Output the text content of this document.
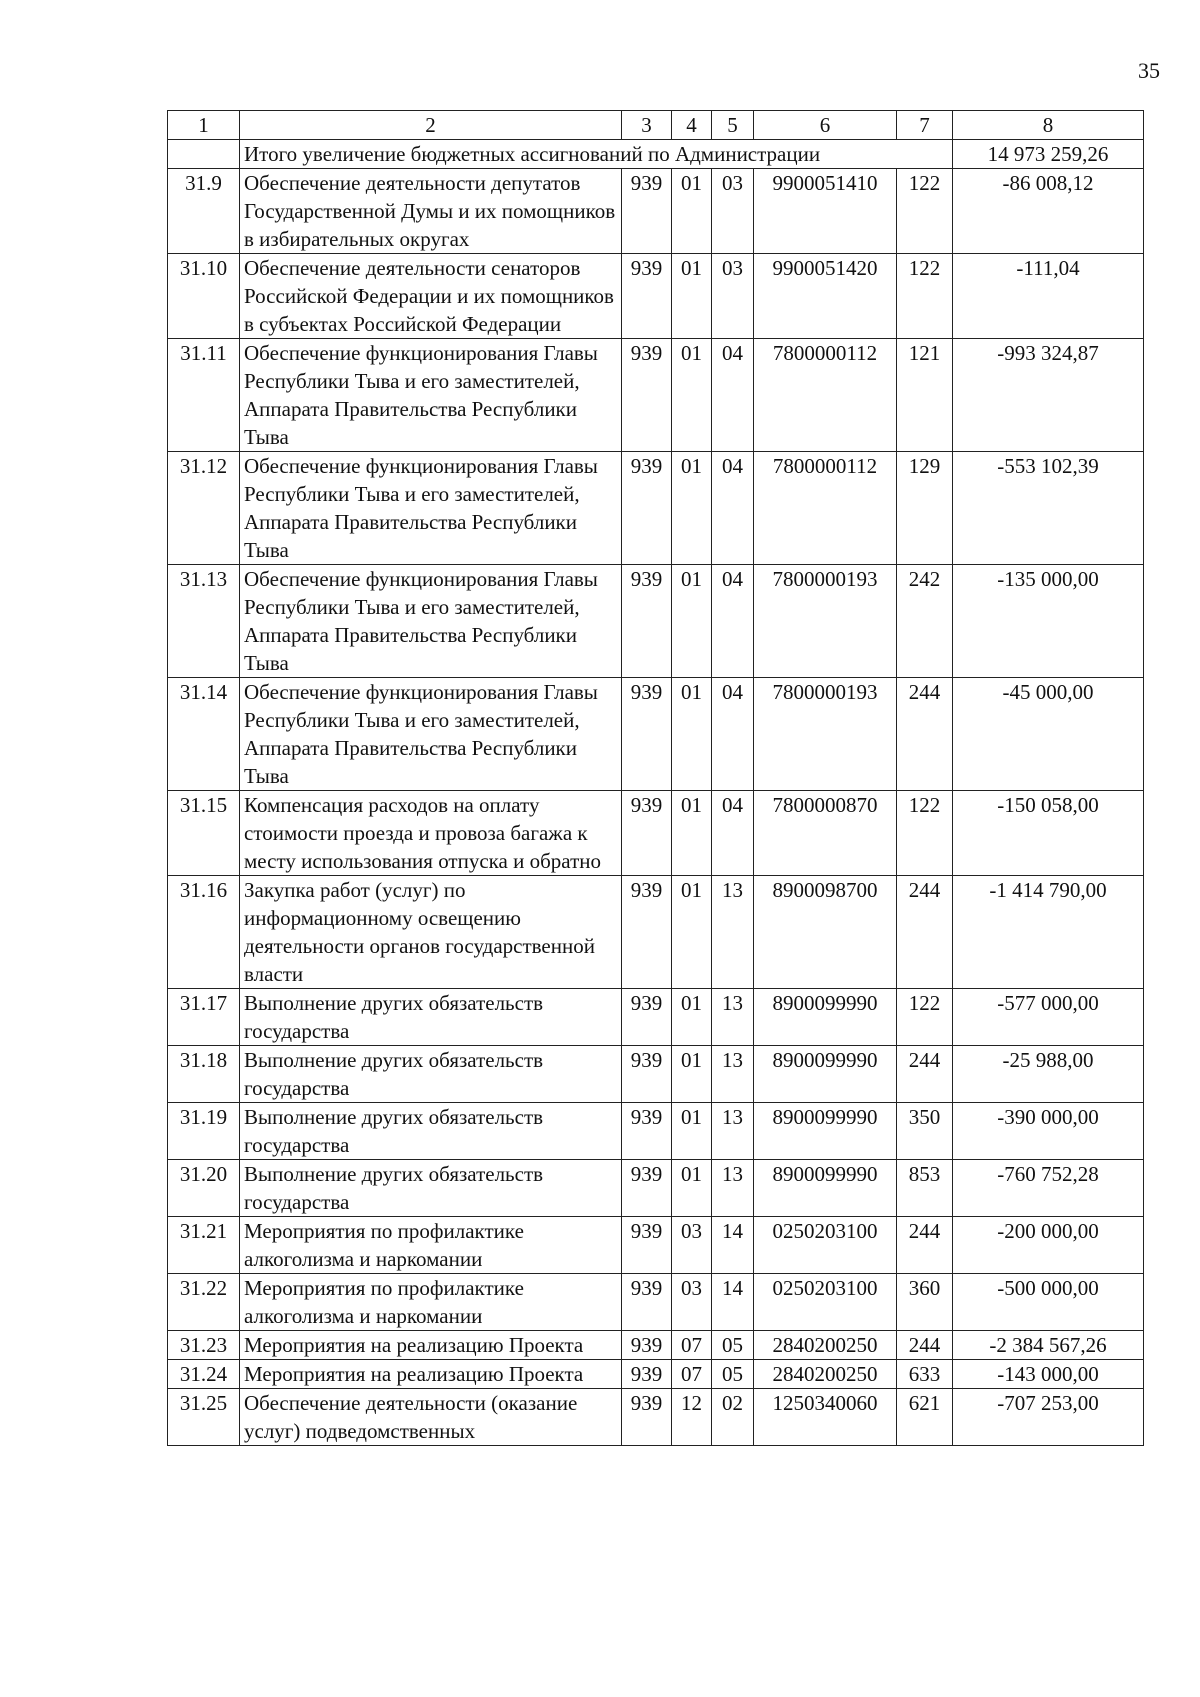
35
1	2	3	4	5	6	7	8
	Итого увеличение бюджетных ассигнований по Администрации						14 973 259,26
31.9	Обеспечение деятельности депутатов Государственной Думы и их помощников в избирательных округах	939	01	03	9900051410	122	-86 008,12
31.10	Обеспечение деятельности сенаторов Российской Федерации и их помощников в субъектах Российской Федерации	939	01	03	9900051420	122	-111,04
31.11	Обеспечение функционирования Главы Республики Тыва и его заместителей, Аппарата Правительства Республики Тыва	939	01	04	7800000112	121	-993 324,87
31.12	Обеспечение функционирования Главы Республики Тыва и его заместителей, Аппарата Правительства Республики Тыва	939	01	04	7800000112	129	-553 102,39
31.13	Обеспечение функционирования Главы Республики Тыва и его заместителей, Аппарата Правительства Республики Тыва	939	01	04	7800000193	242	-135 000,00
31.14	Обеспечение функционирования Главы Республики Тыва и его заместителей, Аппарата Правительства Республики Тыва	939	01	04	7800000193	244	-45 000,00
31.15	Компенсация расходов на оплату стоимости проезда и провоза багажа к месту использования отпуска и обратно	939	01	04	7800000870	122	-150 058,00
31.16	Закупка работ (услуг) по информационному освещению деятельности органов государственной власти	939	01	13	8900098700	244	-1 414 790,00
31.17	Выполнение других обязательств государства	939	01	13	8900099990	122	-577 000,00
31.18	Выполнение других обязательств государства	939	01	13	8900099990	244	-25 988,00
31.19	Выполнение других обязательств государства	939	01	13	8900099990	350	-390 000,00
31.20	Выполнение других обязательств государства	939	01	13	8900099990	853	-760 752,28
31.21	Мероприятия по профилактике алкоголизма и наркомании	939	03	14	0250203100	244	-200 000,00
31.22	Мероприятия по профилактике алкоголизма и наркомании	939	03	14	0250203100	360	-500 000,00
31.23	Мероприятия на реализацию Проекта	939	07	05	2840200250	244	-2 384 567,26
31.24	Мероприятия на реализацию Проекта	939	07	05	2840200250	633	-143 000,00
31.25	Обеспечение деятельности (оказание услуг) подведомственных	939	12	02	1250340060	621	-707 253,00
